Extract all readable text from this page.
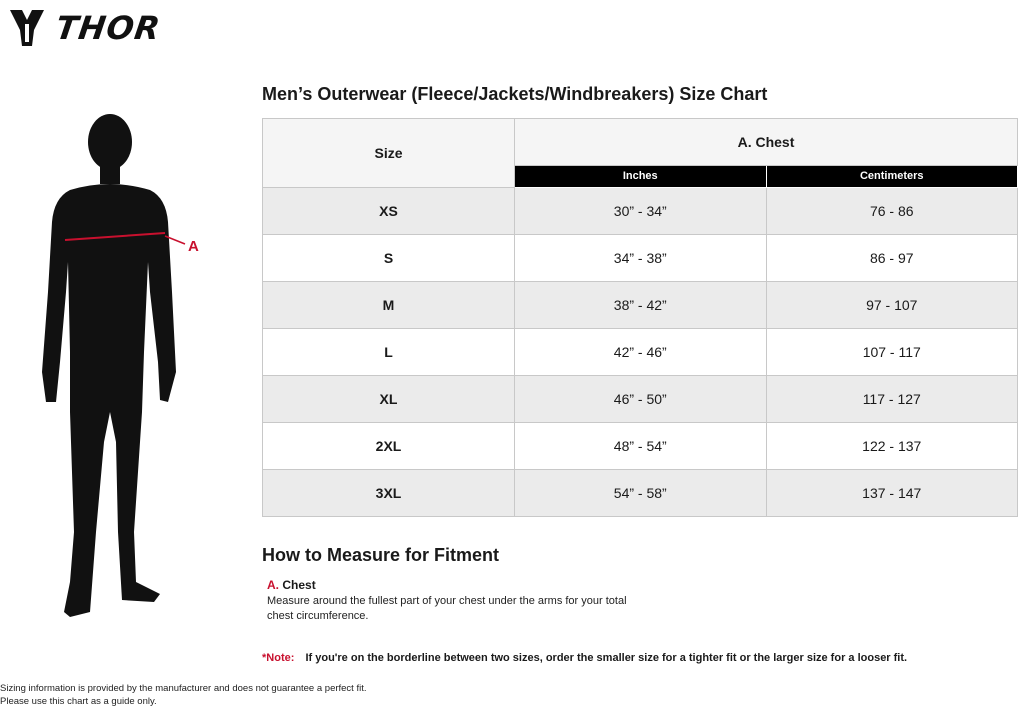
THOR
A
Men’s Outerwear (Fleece/Jackets/Windbreakers) Size Chart
Size	A. Chest	
	Inches	Centimeters
XS	30” - 34”	76 - 86
S	34” - 38”	86 - 97
M	38” - 42”	97 - 107
L	42” - 46”	107 - 117
XL	46” - 50”	117 - 127
2XL	48” - 54”	122 - 137
3XL	54” - 58”	137 - 147
How to Measure for Fitment
A. Chest
Measure around the fullest part of your chest under the arms for your total chest circumference.
*Note: If you're on the borderline between two sizes, order the smaller size for a tighter fit or the larger size for a looser fit.
Sizing information is provided by the manufacturer and does not guarantee a perfect fit.
Please use this chart as a guide only.
